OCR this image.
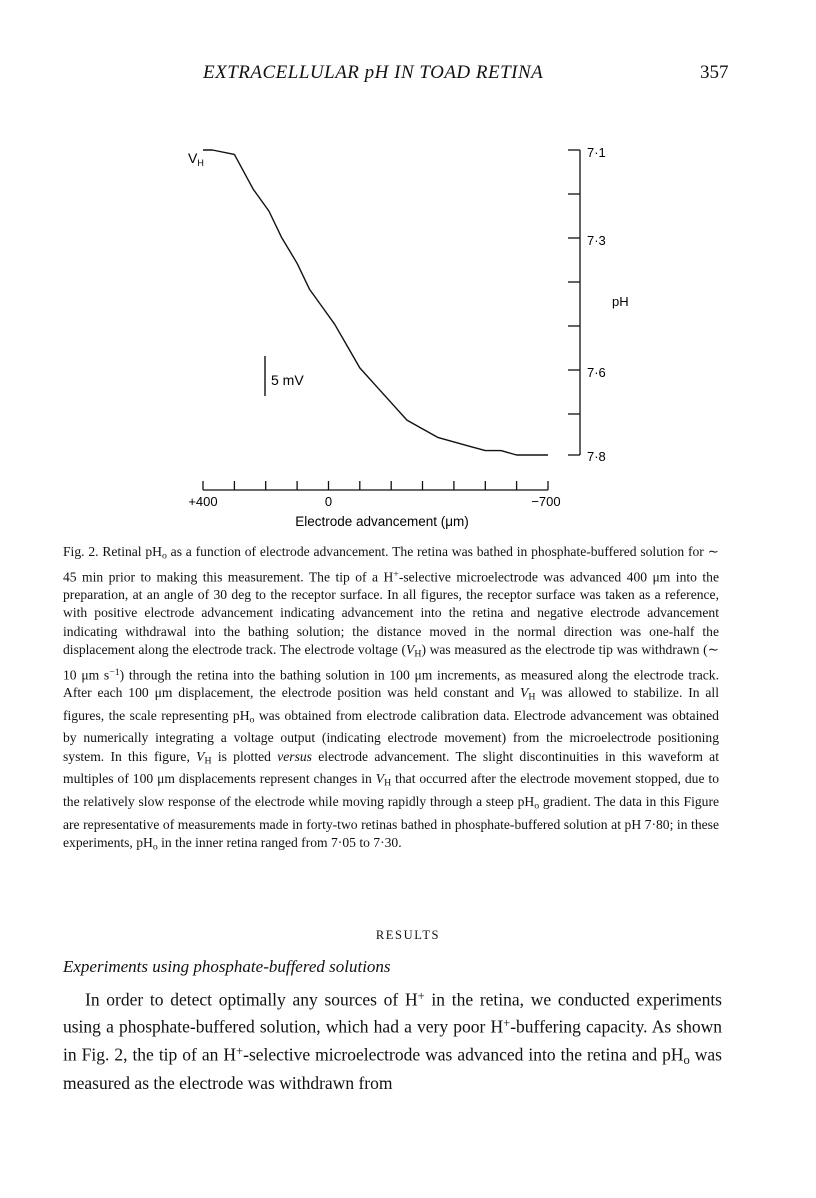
EXTRACELLULAR pH IN TOAD RETINA	357
$V_H$
5 mV
7·1
7·3
7·6
7·8
pH
+400	0	−700
Electrode advancement (μm)

Fig. 2. Retinal $pH_o$ as a function of electrode advancement. The retina was bathed in phosphate-buffered solution for ∼ 45 min prior to making this measurement. The tip of a H+-selective microelectrode was advanced 400 μm into the preparation, at an angle of 30 deg to the receptor surface. In all figures, the receptor surface was taken as a reference, with positive electrode advancement indicating advancement into the retina and negative electrode advancement indicating withdrawal into the bathing solution; the distance moved in the normal direction was one-half the displacement along the electrode track. The electrode voltage $(V_H)$ was measured as the electrode tip was withdrawn (∼ 10 μm $s^{-1}$) through the retina into the bathing solution in 100 μm increments, as measured along the electrode track. After each 100 μm displacement, the electrode position was held constant and $V_H$ was allowed to stabilize. In all figures, the scale representing $pH_o$ was obtained from electrode calibration data. Electrode advancement was obtained by numerically integrating a voltage output (indicating electrode movement) from the microelectrode positioning system. In this figure, $V_H$ is plotted versus electrode advancement. The slight discontinuities in this waveform at multiples of 100 μm displacements represent changes in $V_H$ that occurred after the electrode movement stopped, due to the relatively slow response of the electrode while moving rapidly through a steep $pH_o$ gradient. The data in this Figure are representative of measurements made in forty-two retinas bathed in phosphate-buffered solution at pH 7·80; in these experiments, $pH_o$ in the inner retina ranged from 7·05 to 7·30.

RESULTS
Experiments using phosphate-buffered solutions

In order to detect optimally any sources of H+ in the retina, we conducted experiments using a phosphate-buffered solution, which had a very poor H+-buffering capacity. As shown in Fig. 2, the tip of an H+-selective microelectrode was advanced into the retina and $pH_o$ was measured as the electrode was withdrawn from
